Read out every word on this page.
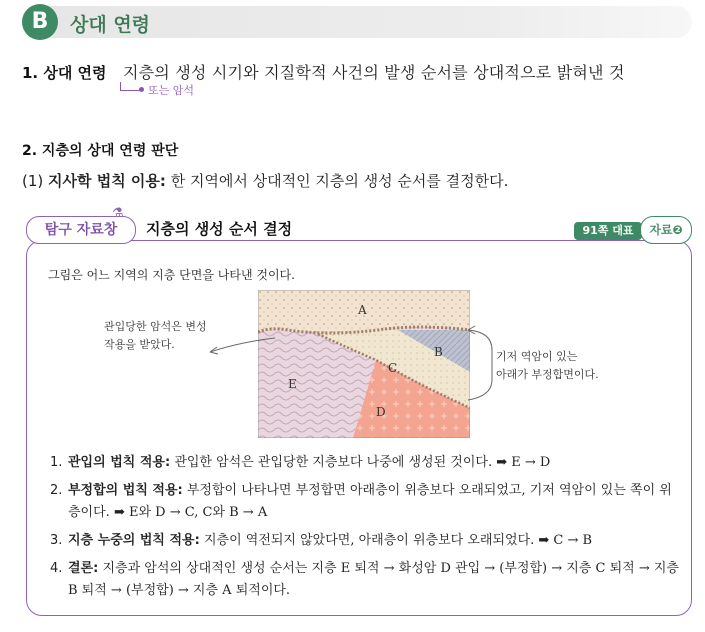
B	상대 연령
1. 상대 연령 지층의 생성 시기와 지질학적 사건의 발생 순서를 상대적으로 밝혀낸 것
또는 암석
2. 지층의 상대 연령 판단
(1) 지사학 법칙 이용: 한 지역에서 상대적인 지층의 생성 순서를 결정한다.
탐구 자료창
⚗
지층의 생성 순서 결정	91쪽 대표	자료❷
그림은 어느 지역의 지층 단면을 나타낸 것이다.
A
B
C
D
E
관입당한 암석은 변성
작용을 받았다.
기저 역암이 있는
아래가 부정합면이다.
1. 관입의 법칙 적용: 관입한 암석은 관입당한 지층보다 나중에 생성된 것이다. ➡ E → D
2. 부정합의 법칙 적용: 부정합이 나타나면 부정합면 아래층이 위층보다 오래되었고, 기저 역암이 있는 쪽이 위층이다. ➡ E와 D → C, C와 B → A
3. 지층 누중의 법칙 적용: 지층이 역전되지 않았다면, 아래층이 위층보다 오래되었다. ➡ C → B
4. 결론: 지층과 암석의 상대적인 생성 순서는 지층 E 퇴적 → 화성암 D 관입 → (부정합) → 지층 C 퇴적 → 지층 B 퇴적 → (부정합) → 지층 A 퇴적이다.
